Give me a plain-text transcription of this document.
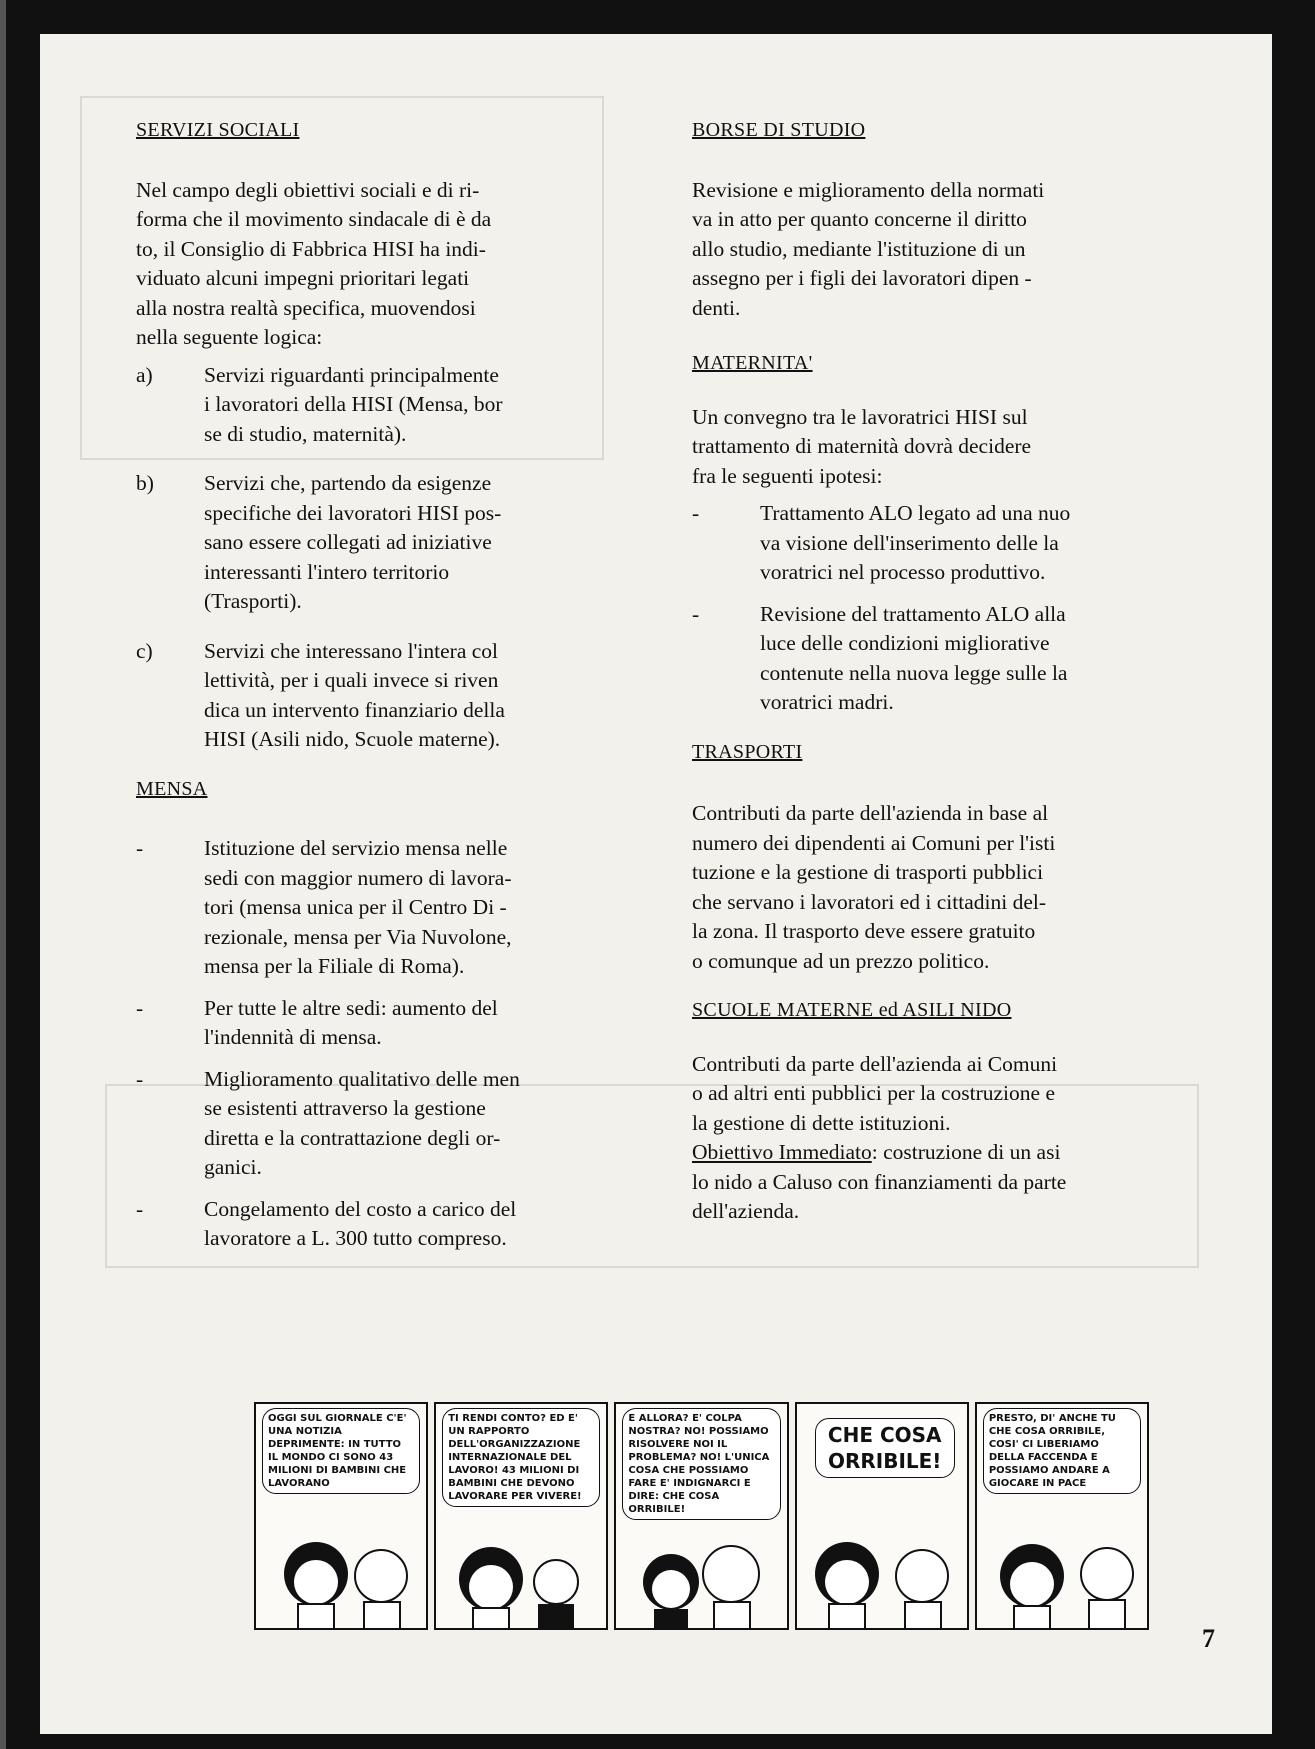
SERVIZI SOCIALI

Nel campo degli obiettivi sociali e di ri-

forma che il movimento sindacale di è da

to, il Consiglio di Fabbrica HISI ha indi-

viduato alcuni impegni prioritari legati

alla nostra realtà specifica, muovendosi

nella seguente logica:

a)	Servizi riguardanti principalmente

i lavoratori della HISI (Mensa, bor

se di studio, maternità).

b)	Servizi che, partendo da esigenze

specifiche dei lavoratori HISI pos-

sano essere collegati ad iniziative

interessanti l'intero territorio

(Trasporti).

c)	Servizi che interessano l'intera col

lettività, per i quali invece si riven

dica un intervento finanziario della

HISI (Asili nido, Scuole materne).

MENSA

-	Istituzione del servizio mensa nelle

sedi con maggior numero di lavora-

tori (mensa unica per il Centro Di -

rezionale, mensa per Via Nuvolone,

mensa per la Filiale di Roma).

-	Per tutte le altre sedi: aumento del

l'indennità di mensa.

-	Miglioramento qualitativo delle men

se esistenti attraverso la gestione

diretta e la contrattazione degli or-

ganici.

-	Congelamento del costo a carico del

lavoratore a L. 300 tutto compreso.

BORSE DI STUDIO

Revisione e miglioramento della normati

va in atto per quanto concerne il diritto

allo studio, mediante l'istituzione di un

assegno per i figli dei lavoratori dipen -

denti.

MATERNITA'

Un convegno tra le lavoratrici HISI sul

trattamento di maternità dovrà decidere

fra le seguenti ipotesi:

-	Trattamento ALO legato ad una nuo

va visione dell'inserimento delle la

voratrici nel processo produttivo.

-	Revisione del trattamento ALO alla

luce delle condizioni migliorative

contenute nella nuova legge sulle la

voratrici madri.

TRASPORTI

Contributi da parte dell'azienda in base al

numero dei dipendenti ai Comuni per l'isti

tuzione e la gestione di trasporti pubblici

che servano i lavoratori ed i cittadini del-

la zona. Il trasporto deve essere gratuito

o comunque ad un prezzo politico.

SCUOLE MATERNE ed ASILI NIDO

Contributi da parte dell'azienda ai Comuni

o ad altri enti pubblici per la costruzione e

la gestione di dette istituzioni.

Obiettivo Immediato: costruzione di un asi

lo nido a Caluso con finanziamenti da parte

dell'azienda.

OGGI SUL GIORNALE C'E' UNA NOTIZIA DEPRIMENTE: IN TUTTO IL MONDO CI SONO 43 MILIONI DI BAMBINI CHE LAVORANO
TI RENDI CONTO? ED E' UN RAPPORTO DELL'ORGANIZZAZIONE INTERNAZIONALE DEL LAVORO! 43 MILIONI DI BAMBINI CHE DEVONO LAVORARE PER VIVERE!
E ALLORA? E' COLPA NOSTRA? NO! POSSIAMO RISOLVERE NOI IL PROBLEMA? NO! L'UNICA COSA CHE POSSIAMO FARE E' INDIGNARCI E DIRE: CHE COSA ORRIBILE!
CHE COSA ORRIBILE!
PRESTO, DI' ANCHE TU CHE COSA ORRIBILE, COSI' CI LIBERIAMO DELLA FACCENDA E POSSIAMO ANDARE A GIOCARE IN PACE
7
